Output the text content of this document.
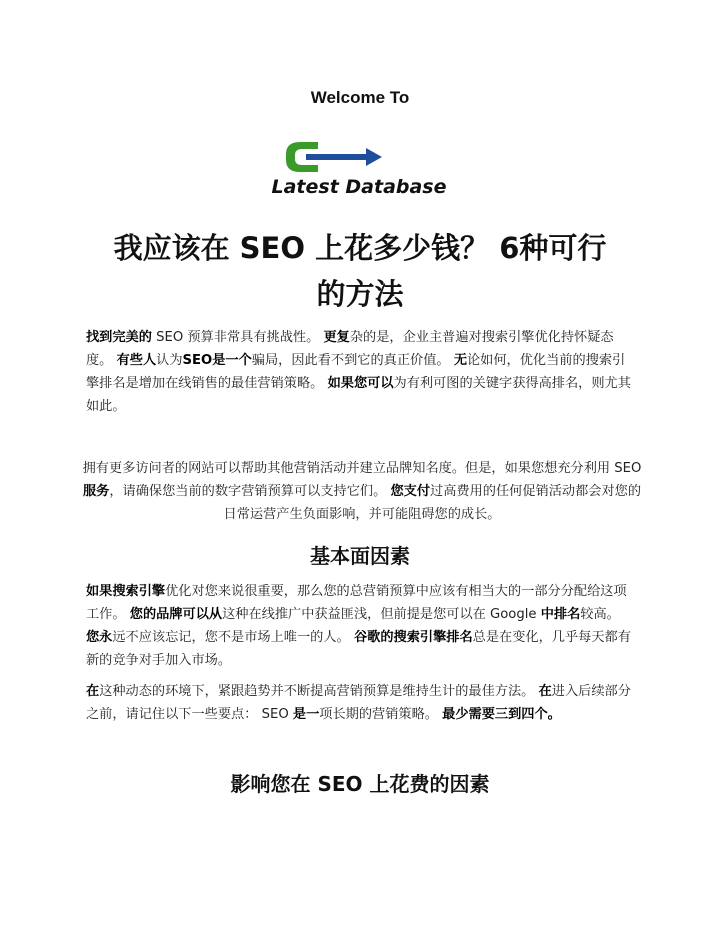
Welcome To
Latest Database
我应该在 SEO 上花多少钱？ 6种可行
的方法
找到完美的 SEO 预算非常具有挑战性。 更复杂的是，企业主普遍对搜索引擎优化持怀疑态度。 有些人认为SEO是一个骗局，因此看不到它的真正价值。 无论如何，优化当前的搜索引擎排名是增加在线销售的最佳营销策略。 如果您可以为有利可图的关键字获得高排名，则尤其如此。
拥有更多访问者的网站可以帮助其他营销活动并建立品牌知名度。但是，如果您想充分利用 SEO 服务，请确保您当前的数字营销预算可以支持它们。 您支付过高费用的任何促销活动都会对您的日常运营产生负面影响，并可能阻碍您的成长。
基本面因素
如果搜索引擎优化对您来说很重要，那么您的总营销预算中应该有相当大的一部分分配给这项工作。 您的品牌可以从这种在线推广中获益匪浅，但前提是您可以在 Google 中排名较高。 您永远不应该忘记，您不是市场上唯一的人。 谷歌的搜索引擎排名总是在变化，几乎每天都有新的竞争对手加入市场。
在这种动态的环境下，紧跟趋势并不断提高营销预算是维持生计的最佳方法。 在进入后续部分之前，请记住以下一些要点： SEO 是一项长期的营销策略。 最少需要三到四个。
影响您在 SEO 上花费的因素
